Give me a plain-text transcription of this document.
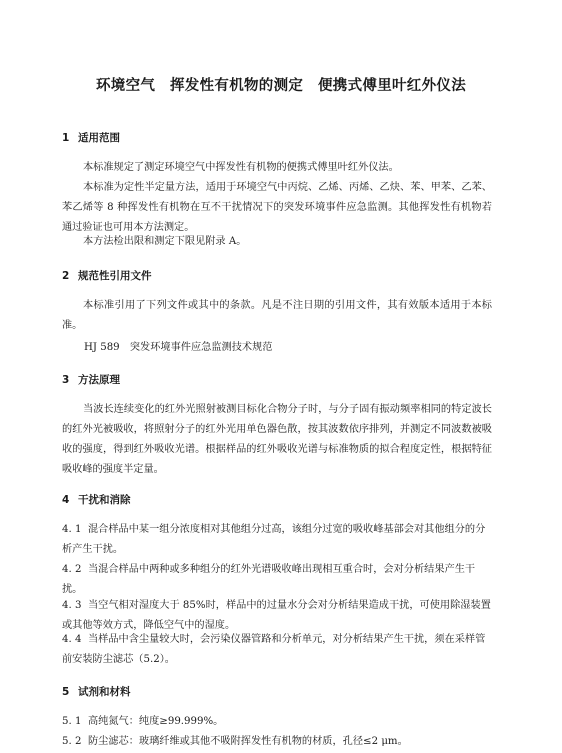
环境空气　挥发性有机物的测定　便携式傅里叶红外仪法
1 适用范围
本标准规定了测定环境空气中挥发性有机物的便携式傅里叶红外仪法。
本标准为定性半定量方法，适用于环境空气中丙烷、乙烯、丙烯、乙炔、苯、甲苯、乙苯、苯乙烯等 8 种挥发性有机物在互不干扰情况下的突发环境事件应急监测。其他挥发性有机物若通过验证也可用本方法测定。
本方法检出限和测定下限见附录 A。
2 规范性引用文件
本标准引用了下列文件或其中的条款。凡是不注日期的引用文件，其有效版本适用于本标准。
HJ 589　突发环境事件应急监测技术规范
3 方法原理
当波长连续变化的红外光照射被测目标化合物分子时，与分子固有振动频率相同的特定波长的红外光被吸收，将照射分子的红外光用单色器色散，按其波数依序排列，并测定不同波数被吸收的强度，得到红外吸收光谱。根据样品的红外吸收光谱与标准物质的拟合程度定性，根据特征吸收峰的强度半定量。
4 干扰和消除
4. 1 混合样品中某一组分浓度相对其他组分过高，该组分过宽的吸收峰基部会对其他组分的分析产生干扰。
4. 2 当混合样品中两种或多种组分的红外光谱吸收峰出现相互重合时，会对分析结果产生干扰。
4. 3 当空气相对湿度大于 85%时，样品中的过量水分会对分析结果造成干扰，可使用除湿装置或其他等效方式，降低空气中的湿度。
4. 4 当样品中含尘量较大时，会污染仪器管路和分析单元，对分析结果产生干扰，须在采样管前安装防尘滤芯（5.2）。
5 试剂和材料
5. 1 高纯氮气：纯度≥99.999%。
5. 2 防尘滤芯：玻璃纤维或其他不吸附挥发性有机物的材质，孔径≤2 μm。
